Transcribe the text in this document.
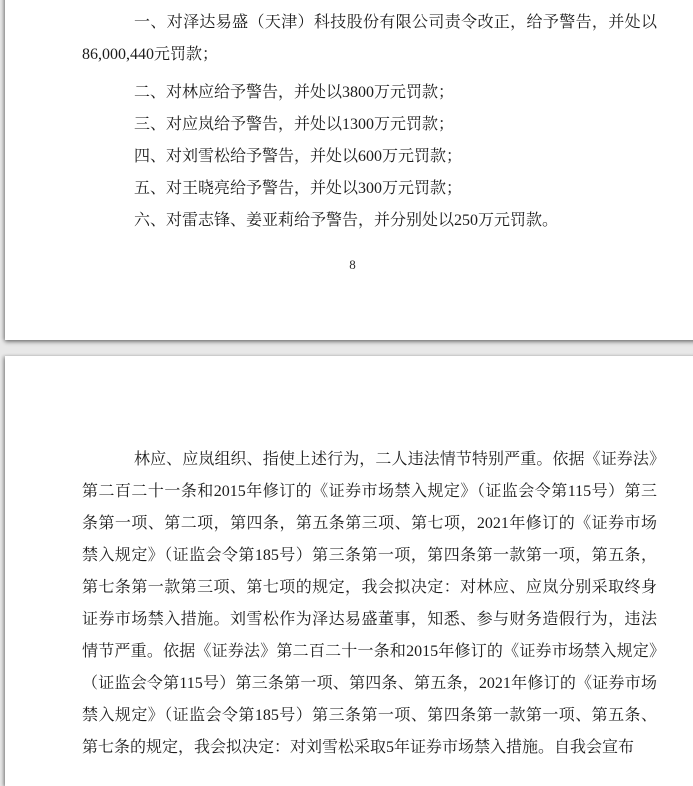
一、对泽达易盛（天津）科技股份有限公司责令改正，给予警告，并处以86,000,440元罚款；

二、对林应给予警告，并处以3800万元罚款；

三、对应岚给予警告，并处以1300万元罚款；

四、对刘雪松给予警告，并处以600万元罚款；

五、对王晓亮给予警告，并处以300万元罚款；

六、对雷志锋、姜亚莉给予警告，并分别处以250万元罚款。

8

林应、应岚组织、指使上述行为，二人违法情节特别严重。依据《证券法》第二百二十一条和2015年修订的《证券市场禁入规定》（证监会令第115号）第三条第一项、第二项，第四条，第五条第三项、第七项，2021年修订的《证券市场禁入规定》（证监会令第185号）第三条第一项，第四条第一款第一项，第五条，第七条第一款第三项、第七项的规定，我会拟决定：对林应、应岚分别采取终身证券市场禁入措施。刘雪松作为泽达易盛董事，知悉、参与财务造假行为，违法情节严重。依据《证券法》第二百二十一条和2015年修订的《证券市场禁入规定》（证监会令第115号）第三条第一项、第四条、第五条，2021年修订的《证券市场禁入规定》（证监会令第185号）第三条第一项、第四条第一款第一项、第五条、第七条的规定，我会拟决定：对刘雪松采取5年证券市场禁入措施。自我会宣布
